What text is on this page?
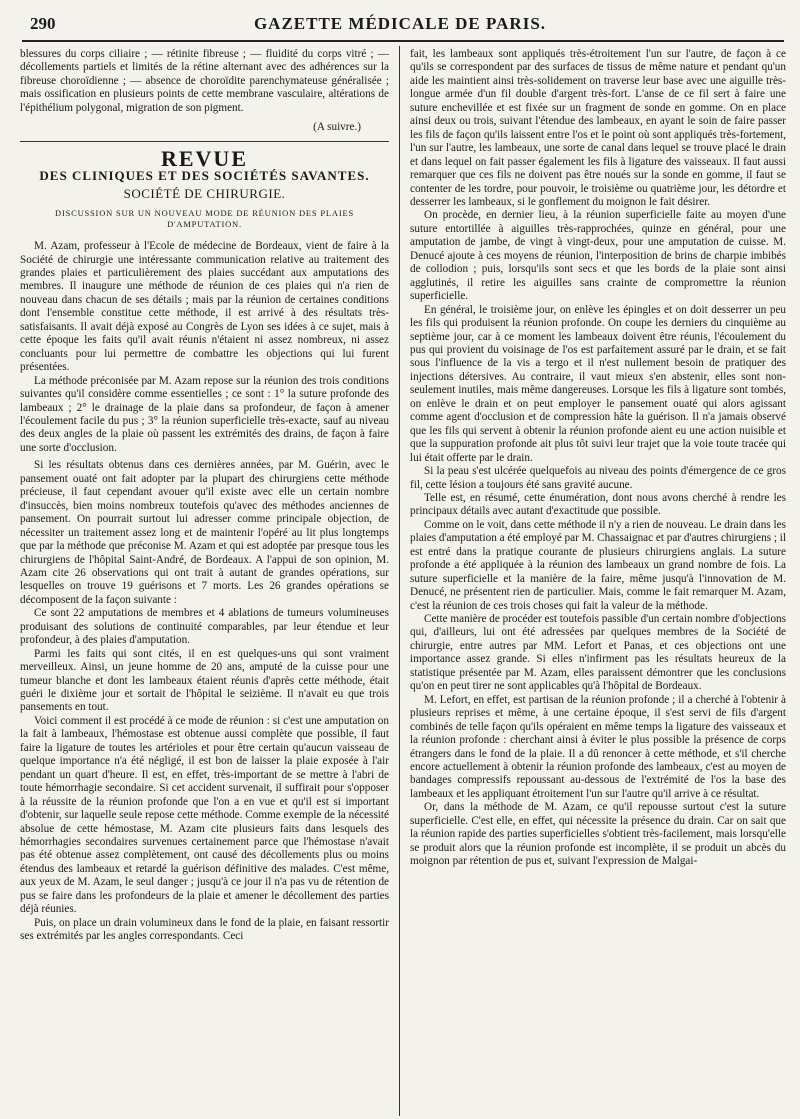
290	GAZETTE MÉDICALE DE PARIS.

blessures du corps ciliaire ; — rétinite fibreuse ; — fluidité du corps vitré ; — décollements partiels et limités de la rétine alternant avec des adhérences sur la fibreuse choroïdienne ; — absence de choroïdite parenchymateuse généralisée ; mais ossification en plusieurs points de cette membrane vasculaire, altérations de l'épithélium polygonal, migration de son pigment.

(A suivre.)
REVUE
DES CLINIQUES ET DES SOCIÉTÉS SAVANTES.
SOCIÉTÉ DE CHIRURGIE.
DISCUSSION SUR UN NOUVEAU MODE DE RÉUNION DES PLAIES D'AMPUTATION.

M. Azam, professeur à l'Ecole de médecine de Bordeaux, vient de faire à la Société de chirurgie une intéressante communication relative au traitement des grandes plaies et particulièrement des plaies succédant aux amputations des membres. Il inaugure une méthode de réunion de ces plaies qui n'a rien de nouveau dans chacun de ses détails ; mais par la réunion de certaines conditions dont l'ensemble constitue cette méthode, il est arrivé à des résultats très-satisfaisants. Il avait déjà exposé au Congrès de Lyon ses idées à ce sujet, mais à cette époque les faits qu'il avait réunis n'étaient ni assez nombreux, ni assez concluants pour lui permettre de combattre les objections qui lui furent présentées.

La méthode préconisée par M. Azam repose sur la réunion des trois conditions suivantes qu'il considère comme essentielles ; ce sont : 1° la suture profonde des lambeaux ; 2° le drainage de la plaie dans sa profondeur, de façon à amener l'écoulement facile du pus ; 3° la réunion superficielle très-exacte, sauf au niveau des deux angles de la plaie où passent les extrémités des drains, de façon à faire une sorte d'occlusion.

Si les résultats obtenus dans ces dernières années, par M. Guérin, avec le pansement ouaté ont fait adopter par la plupart des chirurgiens cette méthode précieuse, il faut cependant avouer qu'il existe avec elle un certain nombre d'insuccès, bien moins nombreux toutefois qu'avec des méthodes anciennes de pansement. On pourrait surtout lui adresser comme principale objection, de nécessiter un traitement assez long et de maintenir l'opéré au lit plus longtemps que par la méthode que préconise M. Azam et qui est adoptée par presque tous les chirurgiens de l'hôpital Saint-André, de Bordeaux. A l'appui de son opinion, M. Azam cite 26 observations qui ont trait à autant de grandes opérations, sur lesquelles on trouve 19 guérisons et 7 morts. Les 26 grandes opérations se décomposent de la façon suivante :

Ce sont 22 amputations de membres et 4 ablations de tumeurs volumineuses produisant des solutions de continuité comparables, par leur étendue et leur profondeur, à des plaies d'amputation.

Parmi les faits qui sont cités, il en est quelques-uns qui sont vraiment merveilleux. Ainsi, un jeune homme de 20 ans, amputé de la cuisse pour une tumeur blanche et dont les lambeaux étaient réunis d'après cette méthode, était guéri le dixième jour et sortait de l'hôpital le seizième. Il n'avait eu que trois pansements en tout.

Voici comment il est procédé à ce mode de réunion : si c'est une amputation on la fait à lambeaux, l'hémostase est obtenue aussi complète que possible, il faut faire la ligature de toutes les artérioles et pour être certain qu'aucun vaisseau de quelque importance n'a été négligé, il est bon de laisser la plaie exposée à l'air pendant un quart d'heure. Il est, en effet, très-important de se mettre à l'abri de toute hémorrhagie secondaire. Si cet accident survenait, il suffirait pour s'opposer à la réussite de la réunion profonde que l'on a en vue et qu'il est si important d'obtenir, sur laquelle seule repose cette méthode. Comme exemple de la nécessité absolue de cette hémostase, M. Azam cite plusieurs faits dans lesquels des hémorrhagies secondaires survenues certainement parce que l'hémostase n'avait pas été obtenue assez complètement, ont causé des décollements plus ou moins étendus des lambeaux et retardé la guérison définitive des malades. C'est même, aux yeux de M. Azam, le seul danger ; jusqu'à ce jour il n'a pas vu de rétention de pus se faire dans les profondeurs de la plaie et amener le décollement des parties déjà réunies.

Puis, on place un drain volumineux dans le fond de la plaie, en faisant ressortir ses extrémités par les angles correspondants. Ceci

fait, les lambeaux sont appliqués très-étroitement l'un sur l'autre, de façon à ce qu'ils se correspondent par des surfaces de tissus de même nature et pendant qu'un aide les maintient ainsi très-solidement on traverse leur base avec une aiguille très-longue armée d'un fil double d'argent très-fort. L'anse de ce fil sert à faire une suture enchevillée et est fixée sur un fragment de sonde en gomme. On en place ainsi deux ou trois, suivant l'étendue des lambeaux, en ayant le soin de faire passer les fils de façon qu'ils laissent entre l'os et le point où sont appliqués très-fortement, l'un sur l'autre, les lambeaux, une sorte de canal dans lequel se trouve placé le drain et dans lequel on fait passer également les fils à ligature des vaisseaux. Il faut aussi remarquer que ces fils ne doivent pas être noués sur la sonde en gomme, il faut se contenter de les tordre, pour pouvoir, le troisième ou quatrième jour, les détordre et desserrer les lambeaux, si le gonflement du moignon le fait désirer.

On procède, en dernier lieu, à la réunion superficielle faite au moyen d'une suture entortillée à aiguilles très-rapprochées, quinze en général, pour une amputation de jambe, de vingt à vingt-deux, pour une amputation de cuisse. M. Denucé ajoute à ces moyens de réunion, l'interposition de brins de charpie imbibés de collodion ; puis, lorsqu'ils sont secs et que les bords de la plaie sont ainsi agglutinés, il retire les aiguilles sans crainte de compromettre la réunion superficielle.

En général, le troisième jour, on enlève les épingles et on doit desserrer un peu les fils qui produisent la réunion profonde. On coupe les derniers du cinquième au septième jour, car à ce moment les lambeaux doivent être réunis, l'écoulement du pus qui provient du voisinage de l'os est parfaitement assuré par le drain, et se fait sous l'influence de la vis a tergo et il n'est nullement besoin de pratiquer des injections détersives. Au contraire, il vaut mieux s'en abstenir, elles sont non-seulement inutiles, mais même dangereuses. Lorsque les fils à ligature sont tombés, on enlève le drain et on peut employer le pansement ouaté qui alors agissant comme agent d'occlusion et de compression hâte la guérison. Il n'a jamais observé que les fils qui servent à obtenir la réunion profonde aient eu une action nuisible et que la suppuration profonde ait plus tôt suivi leur trajet que la voie toute tracée qui lui était offerte par le drain.

Si la peau s'est ulcérée quelquefois au niveau des points d'émergence de ce gros fil, cette lésion a toujours été sans gravité aucune.

Telle est, en résumé, cette énumération, dont nous avons cherché à rendre les principaux détails avec autant d'exactitude que possible.

Comme on le voit, dans cette méthode il n'y a rien de nouveau. Le drain dans les plaies d'amputation a été employé par M. Chassaignac et par d'autres chirurgiens ; il est entré dans la pratique courante de plusieurs chirurgiens anglais. La suture profonde a été appliquée à la réunion des lambeaux un grand nombre de fois. La suture superficielle et la manière de la faire, même jusqu'à l'innovation de M. Denucé, ne présentent rien de particulier. Mais, comme le fait remarquer M. Azam, c'est la réunion de ces trois choses qui fait la valeur de la méthode.

Cette manière de procéder est toutefois passible d'un certain nombre d'objections qui, d'ailleurs, lui ont été adressées par quelques membres de la Société de chirurgie, entre autres par MM. Lefort et Panas, et ces objections ont une importance assez grande. Si elles n'infirment pas les résultats heureux de la statistique présentée par M. Azam, elles paraissent démontrer que les conclusions qu'on en peut tirer ne sont applicables qu'à l'hôpital de Bordeaux.

M. Lefort, en effet, est partisan de la réunion profonde ; il a cherché à l'obtenir à plusieurs reprises et même, à une certaine époque, il s'est servi de fils d'argent combinés de telle façon qu'ils opéraient en même temps la ligature des vaisseaux et la réunion profonde : cherchant ainsi à éviter le plus possible la présence de corps étrangers dans le fond de la plaie. Il a dû renoncer à cette méthode, et s'il cherche encore actuellement à obtenir la réunion profonde des lambeaux, c'est au moyen de bandages compressifs repoussant au-dessous de l'extrémité de l'os la base des lambeaux et les appliquant étroitement l'un sur l'autre qu'il arrive à ce résultat.

Or, dans la méthode de M. Azam, ce qu'il repousse surtout c'est la suture superficielle. C'est elle, en effet, qui nécessite la présence du drain. Car on sait que la réunion rapide des parties superficielles s'obtient très-facilement, mais lorsqu'elle se produit alors que la réunion profonde est incomplète, il se produit un abcès du moignon par rétention de pus et, suivant l'expression de Malgai-
